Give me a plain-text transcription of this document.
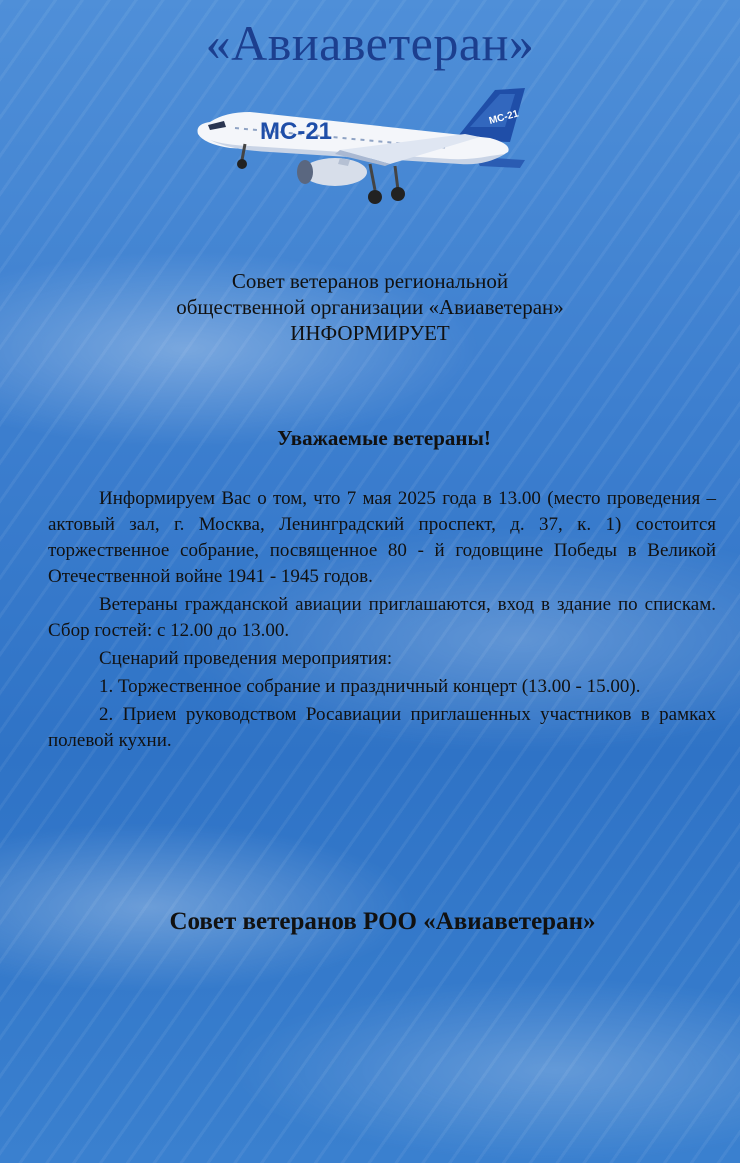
«Авиаветеран»
МС-21
МС-21
Совет ветеранов региональной
общественной организации «Авиаветеран»
ИНФОРМИРУЕТ
Уважаемые ветераны!

Информируем Вас о том, что 7 мая 2025 года в 13.00 (место проведения – актовый зал, г. Москва, Ленинградский проспект, д. 37, к. 1) состоится торжественное собрание, посвященное 80 - й годовщине Победы в Великой Отечественной войне 1941 - 1945 годов.

Ветераны гражданской авиации приглашаются, вход в здание по спискам. Сбор гостей: с 12.00 до 13.00.

Сценарий проведения мероприятия:

1. Торжественное собрание и праздничный концерт (13.00 - 15.00).

2. Прием руководством Росавиации приглашенных участников в рамках полевой кухни.

Совет ветеранов РОО «Авиаветеран»
